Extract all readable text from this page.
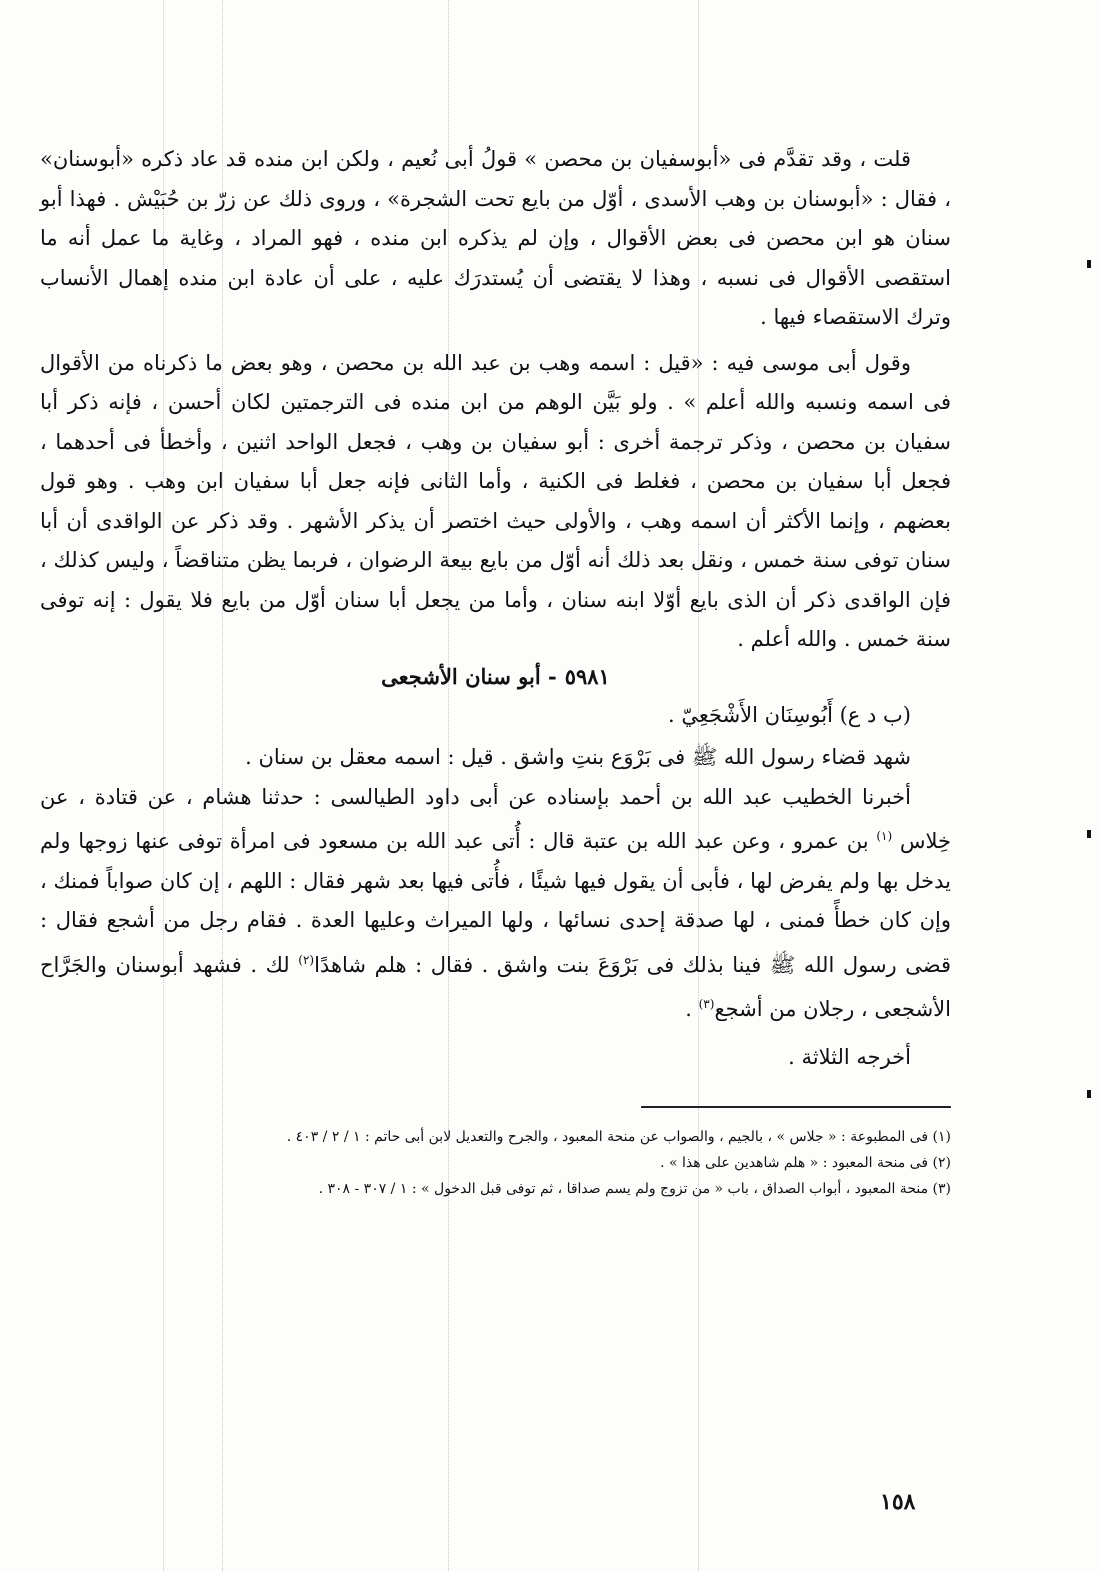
قلت ، وقد تقدَّم فى «أبوسفيان بن محصن » قولُ أبى نُعيم ، ولكن ابن منده قد عاد ذكره «أبوسنان» ، فقال : «أبوسنان بن وهب الأسدى ، أوّل من بايع تحت الشجرة» ، وروى ذلك عن زرّ بن حُبَيْش . فهذا أبو سنان هو ابن محصن فى بعض الأقوال ، وإن لم يذكره ابن منده ، فهو المراد ، وغاية ما عمل أنه ما استقصى الأقوال فى نسبه ، وهذا لا يقتضى أن يُستدرَك عليه ، على أن عادة ابن منده إهمال الأنساب وترك الاستقصاء فيها .

وقول أبى موسى فيه : «قيل : اسمه وهب بن عبد الله بن محصن ، وهو بعض ما ذكرناه من الأقوال فى اسمه ونسبه والله أعلم » . ولو بَيَّن الوهم من ابن منده فى الترجمتين لكان أحسن ، فإنه ذكر أبا سفيان بن محصن ، وذكر ترجمة أخرى : أبو سفيان بن وهب ، فجعل الواحد اثنين ، وأخطأ فى أحدهما ، فجعل أبا سفيان بن محصن ، فغلط فى الكنية ، وأما الثانى فإنه جعل أبا سفيان ابن وهب . وهو قول بعضهم ، وإنما الأكثر أن اسمه وهب ، والأولى حيث اختصر أن يذكر الأشهر . وقد ذكر عن الواقدى أن أبا سنان توفى سنة خمس ، ونقل بعد ذلك أنه أوّل من بايع بيعة الرضوان ، فربما يظن متناقضاً ، وليس كذلك ، فإن الواقدى ذكر أن الذى بايع أوّلا ابنه سنان ، وأما من يجعل أبا سنان أوّل من بايع فلا يقول : إنه توفى سنة خمس . والله أعلم .

٥٩٨١- أبو سنان الأشجعى

(ب د ع) أَبُوسِنَان الأَشْجَعِيّ .

شهد قضاء رسول الله ﷺ فى بَرْوَع بنتِ واشق . قيل : اسمه معقل بن سنان .

أخبرنا الخطيب عبد الله بن أحمد بإسناده عن أبى داود الطيالسى : حدثنا هشام ، عن قتادة ، عن خِلاس $^{(١)}$ بن عمرو ، وعن عبد الله بن عتبة قال : أُتى عبد الله بن مسعود فى امرأة توفى عنها زوجها ولم يدخل بها ولم يفرض لها ، فأبى أن يقول فيها شيئًا ، فأُتى فيها بعد شهر فقال : اللهم ، إن كان صواباً فمنك ، وإن كان خطأً فمنى ، لها صدقة إحدى نسائها ، ولها الميراث وعليها العدة . فقام رجل من أشجع فقال : قضى رسول الله ﷺ فينا بذلك فى بَرْوَعَ بنت واشق . فقال : هلم شاهدًا$^{(٢)}$ لك . فشهد أبوسنان والجَرَّاح الأشجعى ، رجلان من أشجع$^{(٣)}$ .

أخرجه الثلاثة .

(١) فى المطبوعة : « جلاس » ، بالجيم ، والصواب عن منحة المعبود ، والجرح والتعديل لابن أبى حاتم : ١ / ٢ / ٤٠٣ .

(٢) فى منحة المعبود : « هلم شاهدين على هذا » .

(٣) منحة المعبود ، أبواب الصداق ، باب « من تزوج ولم يسم صداقا ، ثم توفى قبل الدخول » : ١ / ٣٠٧ - ٣٠٨ .

١٥٨
